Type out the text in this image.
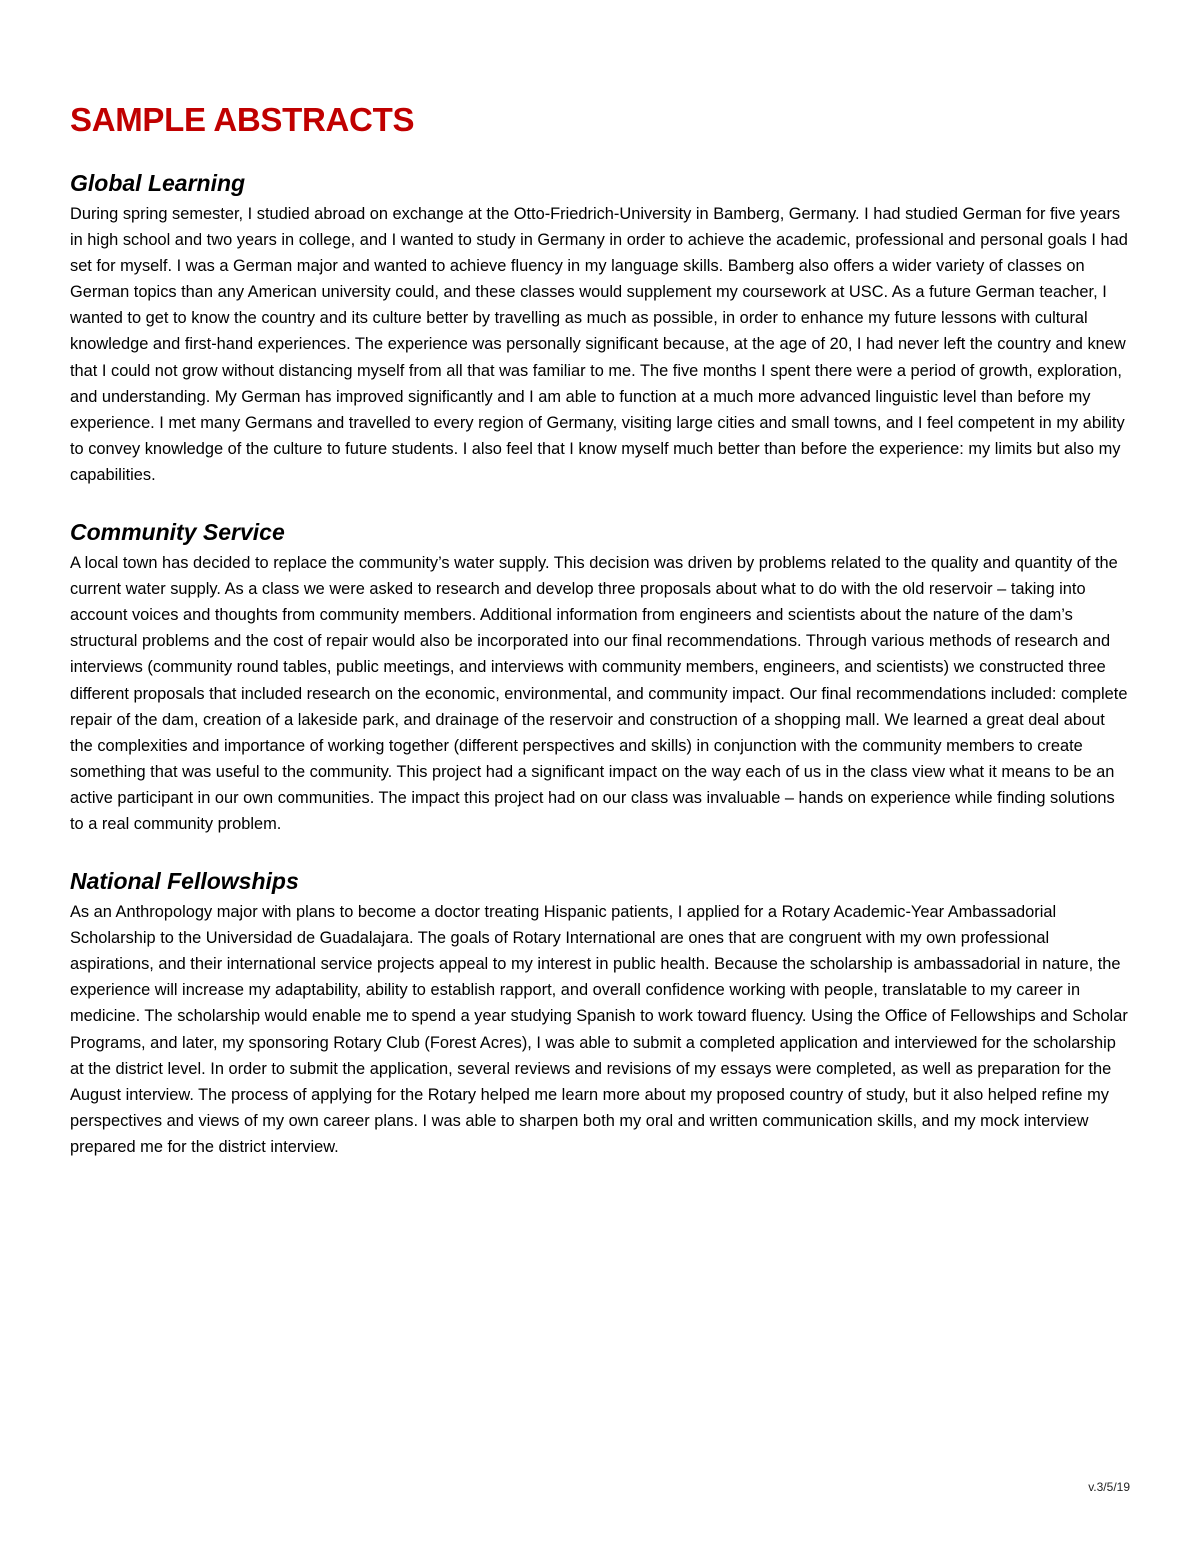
SAMPLE ABSTRACTS
Global Learning

During spring semester, I studied abroad on exchange at the Otto-Friedrich-University in Bamberg, Germany. I had studied German for five years in high school and two years in college, and I wanted to study in Germany in order to achieve the academic, professional and personal goals I had set for myself. I was a German major and wanted to achieve fluency in my language skills. Bamberg also offers a wider variety of classes on German topics than any American university could, and these classes would supplement my coursework at USC. As a future German teacher, I wanted to get to know the country and its culture better by travelling as much as possible, in order to enhance my future lessons with cultural knowledge and first-hand experiences. The experience was personally significant because, at the age of 20, I had never left the country and knew that I could not grow without distancing myself from all that was familiar to me. The five months I spent there were a period of growth, exploration, and understanding. My German has improved significantly and I am able to function at a much more advanced linguistic level than before my experience. I met many Germans and travelled to every region of Germany, visiting large cities and small towns, and I feel competent in my ability to convey knowledge of the culture to future students. I also feel that I know myself much better than before the experience: my limits but also my capabilities.

Community Service

A local town has decided to replace the community’s water supply. This decision was driven by problems related to the quality and quantity of the current water supply. As a class we were asked to research and develop three proposals about what to do with the old reservoir – taking into account voices and thoughts from community members. Additional information from engineers and scientists about the nature of the dam’s structural problems and the cost of repair would also be incorporated into our final recommendations. Through various methods of research and interviews (community round tables, public meetings, and interviews with community members, engineers, and scientists) we constructed three different proposals that included research on the economic, environmental, and community impact. Our final recommendations included: complete repair of the dam, creation of a lakeside park, and drainage of the reservoir and construction of a shopping mall. We learned a great deal about the complexities and importance of working together (different perspectives and skills) in conjunction with the community members to create something that was useful to the community. This project had a significant impact on the way each of us in the class view what it means to be an active participant in our own communities. The impact this project had on our class was invaluable – hands on experience while finding solutions to a real community problem.

National Fellowships

As an Anthropology major with plans to become a doctor treating Hispanic patients, I applied for a Rotary Academic-Year Ambassadorial Scholarship to the Universidad de Guadalajara. The goals of Rotary International are ones that are congruent with my own professional aspirations, and their international service projects appeal to my interest in public health. Because the scholarship is ambassadorial in nature, the experience will increase my adaptability, ability to establish rapport, and overall confidence working with people, translatable to my career in medicine. The scholarship would enable me to spend a year studying Spanish to work toward fluency. Using the Office of Fellowships and Scholar Programs, and later, my sponsoring Rotary Club (Forest Acres), I was able to submit a completed application and interviewed for the scholarship at the district level. In order to submit the application, several reviews and revisions of my essays were completed, as well as preparation for the August interview. The process of applying for the Rotary helped me learn more about my proposed country of study, but it also helped refine my perspectives and views of my own career plans. I was able to sharpen both my oral and written communication skills, and my mock interview prepared me for the district interview.

v.3/5/19
